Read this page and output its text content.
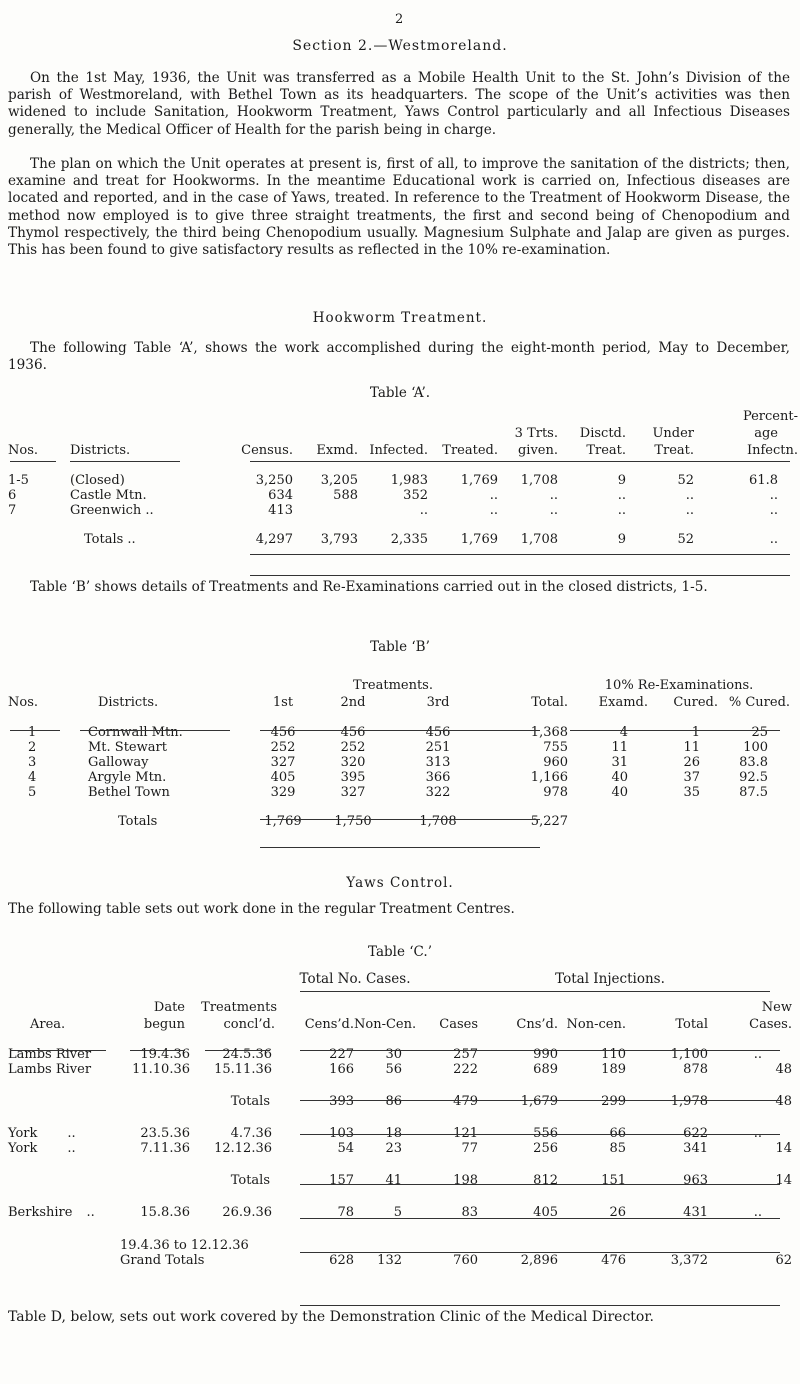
2
Section 2.—Westmoreland.

On the 1st May, 1936, the Unit was transferred as a Mobile Health Unit to the St. John’s Division of the parish of Westmoreland, with Bethel Town as its headquarters. The scope of the Unit’s activities was then widened to include Sanitation, Hookworm Treatment, Yaws Control particularly and all Infectious Diseases generally, the Medical Officer of Health for the parish being in charge.

The plan on which the Unit operates at present is, first of all, to improve the sanitation of the districts; then, examine and treat for Hookworms. In the meantime Educational work is carried on, Infectious diseases are located and reported, and in the case of Yaws, treated. In reference to the Treatment of Hookworm Disease, the method now employed is to give three straight treatments, the first and second being of Chenopodium and Thymol respectively, the third being Chenopodium usually. Magnesium Sulphate and Jalap are given as purges. This has been found to give satisfactory results as reflected in the 10% re-examination.

Hookworm Treatment.

The following Table ‘A’, shows the work accomplished during the eight-month period, May to December, 1936.

Table ‘A’.
									Percent-
					3 Trts.		Disctd.	Under	age
Nos.	Districts.	Census.	Exmd.	Infected.	Treated.	given.	Treat.	Treat.	Infectn.

1-5	(Closed)	3,250	3,205	1,983	1,769	1,708	9	52	61.8
6	Castle Mtn.	634	588	352	..	..	..	..	..
7	Greenwich ..	413		..	..	..	..	..	..

	Totals ..	4,297	3,793	2,335	1,769	1,708	9	52	..

Table ‘B’ shows details of Treatments and Re-Examinations carried out in the closed districts, 1-5.

Table ‘B’
			Treatments.			10% Re-Examinations.		
Nos.	Districts.	1st	2nd	3rd	Total.	Examd.	Cured.	% Cured.

1	Cornwall Mtn.	456	456	456	1,368	4	1	25
2	Mt. Stewart	252	252	251	755	11	11	100
3	Galloway	327	320	313	960	31	26	83.8
4	Argyle Mtn.	405	395	366	1,166	40	37	92.5
5	Bethel Town	329	327	322	978	40	35	87.5

	Totals	1,769	1,750	1,708	5,227			
Yaws Control.

The following table sets out work done in the regular Treatment Centres.

Table ‘C.’
Total No. Cases.	Total Injections.
	Date	Treatments							New
Area.	begun	concl’d.	Cens’d.	Non-Cen.	Cases	Cns’d.	Non-cen.	Total	Cases.

Lambs River	19.4.36	24.5.36	227	30	257	990	110	1,100	..
Lambs River	11.10.36	15.11.36	166	56	222	689	189	878	48

		Totals	393	86	479	1,679	299	1,978	48

York ..	23.5.36	4.7.36	103	18	121	556	66	622	..
York ..	7.11.36	12.12.36	54	23	77	256	85	341	14

		Totals	157	41	198	812	151	963	14

Berkshire ..	15.8.36	26.9.36	78	5	83	405	26	431	..

	19.4.36 to 12.12.36								
	Grand Totals		628	132	760	2,896	476	3,372	62

Table D, below, sets out work covered by the Demonstration Clinic of the Medical Director.
